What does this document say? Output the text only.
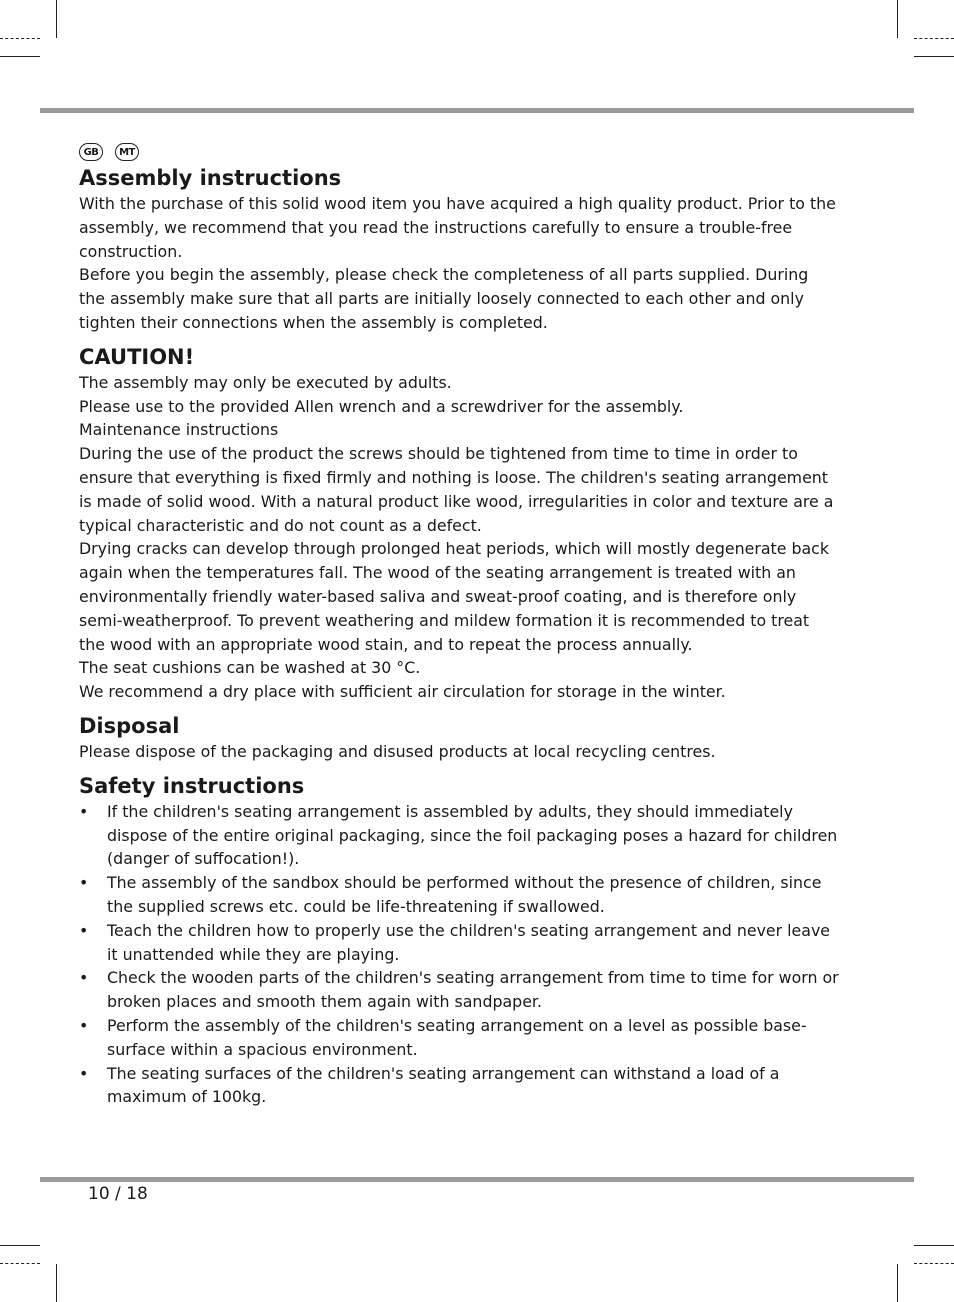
GB	MT
Assembly instructions

With the purchase of this solid wood item you have acquired a high quality product. Prior to the assembly, we recommend that you read the instructions carefully to ensure a trouble-free construction.

Before you begin the assembly, please check the completeness of all parts supplied. During the assembly make sure that all parts are initially loosely connected to each other and only tighten their connections when the assembly is completed.

CAUTION!

The assembly may only be executed by adults.

Please use to the provided Allen wrench and a screwdriver for the assembly.

Maintenance instructions

During the use of the product the screws should be tightened from time to time in order to ensure that everything is fixed firmly and nothing is loose. The children's seating arrangement is made of solid wood. With a natural product like wood, irregularities in color and texture are a typical characteristic and do not count as a defect.

Drying cracks can develop through prolonged heat periods, which will mostly degenerate back again when the temperatures fall. The wood of the seating arrangement is treated with an environmentally friendly water-based saliva and sweat-proof coating, and is therefore only semi-weatherproof. To prevent weathering and mildew formation it is recommended to treat the wood with an appropriate wood stain, and to repeat the process annually.

The seat cushions can be washed at 30 °C.

We recommend a dry place with sufficient air circulation for storage in the winter.

Disposal

Please dispose of the packaging and disused products at local recycling centres.

Safety instructions
• If the children's seating arrangement is assembled by adults, they should immediately dispose of the entire original packaging, since the foil packaging poses a hazard for children (danger of suffocation!).
• The assembly of the sandbox should be performed without the presence of children, since the supplied screws etc. could be life-threatening if swallowed.
• Teach the children how to properly use the children's seating arrangement and never leave it unattended while they are playing.
• Check the wooden parts of the children's seating arrangement from time to time for worn or broken places and smooth them again with sandpaper.
• Perform the assembly of the children's seating arrangement on a level as possible base-surface within a spacious environment.
• The seating surfaces of the children's seating arrangement can withstand a load of a maximum of 100kg.
10 / 18
